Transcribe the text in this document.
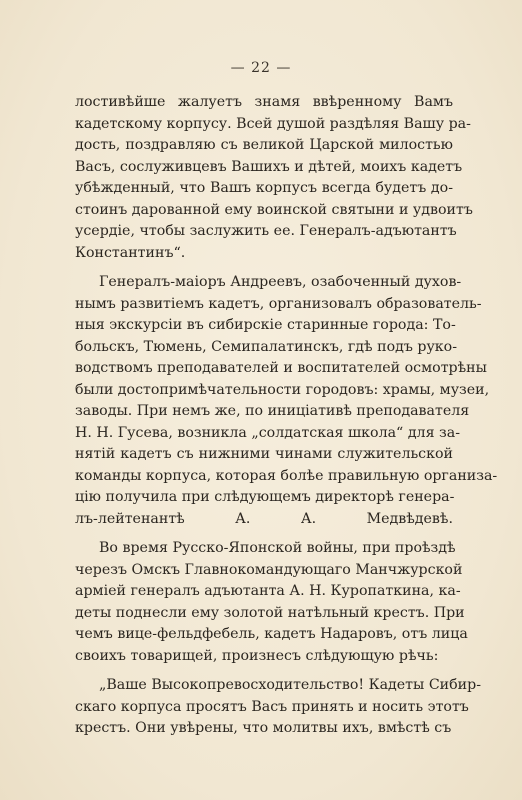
— 22 —
лостивѣйше жалуетъ знамя ввѣренному Вамъ
кадетскому корпусу. Всей душой раздѣляя Вашу ра-
дость, поздравляю съ великой Царской милостью
Васъ, сослуживцевъ Вашихъ и дѣтей, моихъ кадетъ
убѣжденный, что Вашъ корпусъ всегда будетъ до-
стоинъ дарованной ему воинской святыни и удвоитъ
усердiе, чтобы заслужить ее. Генералъ-адъютантъ
Константинъ“.
Генералъ-маiоръ Андреевъ, озабоченный духов-
нымъ развитiемъ кадетъ, организовалъ образователь-
ныя экскурсiи въ сибирскiе старинные города: То-
больскъ, Тюмень, Семипалатинскъ, гдѣ подъ руко-
водствомъ преподавателей и воспитателей осмотрѣны
были достопримѣчательности городовъ: храмы, музеи,
заводы. При немъ же, по иницiативѣ преподавателя
Н. Н. Гусева, возникла „солдатская школа“ для за-
нятiй кадетъ съ нижними чинами служительской
команды корпуса, которая болѣе правильную организа-
цiю получила при слѣдующемъ директорѣ генера-
лъ-лейтенантѣ А. А. Медвѣдевѣ.
Во время Русско-Японской войны, при проѣздѣ
черезъ Омскъ Главнокомандующаго Манчжурской
армiей генералъ адъютанта А. Н. Куропаткина, ка-
деты поднесли ему золотой натѣльный крестъ. При
чемъ вице-фельдфебель, кадетъ Надаровъ, отъ лица
своихъ товарищей, произнесъ слѣдующую рѣчь:
„Ваше Высокопревосходительство! Кадеты Сибир-
скаго корпуса просятъ Васъ принять и носить этотъ
крестъ. Они увѣрены, что молитвы ихъ, вмѣстѣ съ
